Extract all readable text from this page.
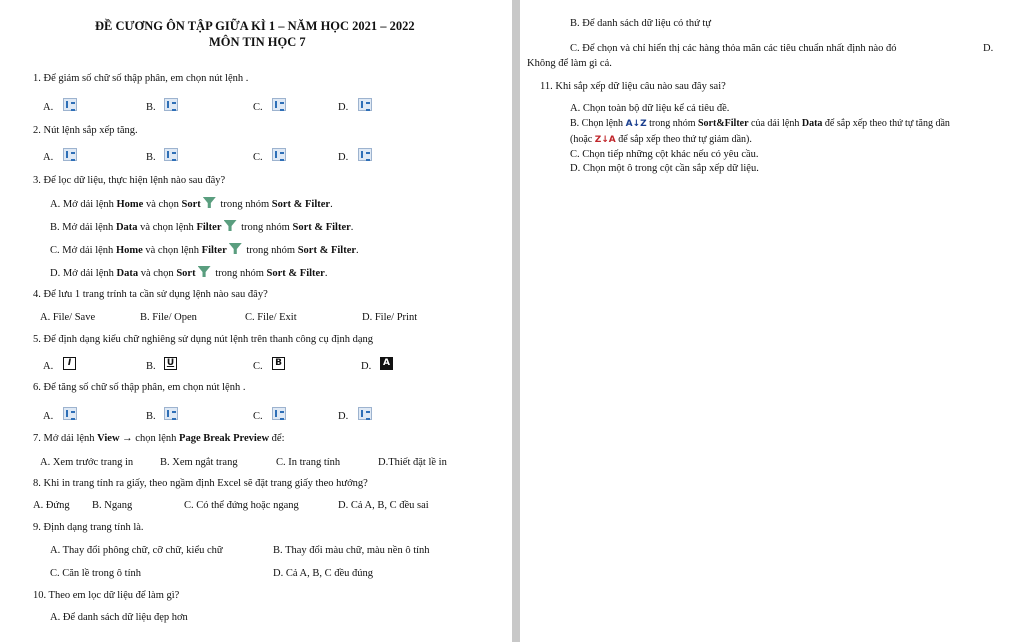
ĐỀ CƯƠNG ÔN TẬP GIỮA KÌ 1 – NĂM HỌC 2021 – 2022
MÔN TIN HỌC 7
1. Để giảm số chữ số thập phân, em chọn nút lệnh .
A.	B.	C.	D.
2. Nút lệnh sắp xếp tăng.
A.	B.	C.	D.
3. Để lọc dữ liệu, thực hiện lệnh nào sau đây?
A. Mở dải lệnh Home và chọn Sort trong nhóm Sort & Filter.
B. Mở dải lệnh Data và chọn lệnh Filter trong nhóm Sort & Filter.
C. Mở dải lệnh Home và chọn lệnh Filter trong nhóm Sort & Filter.
D. Mở dải lệnh Data và chọn Sort trong nhóm Sort & Filter.
4. Để lưu 1 trang trính ta cần sử dụng lệnh nào sau đây?
A. File/ Save	B. File/ Open	C. File/ Exit	D. File/ Print
5. Để định dạng kiểu chữ nghiêng sử dụng nút lệnh trên thanh công cụ định dạng
A.	I	B.	U	C.	B	D.	A
6. Để tăng số chữ số thập phân, em chọn nút lệnh .
A.	B.	C.	D.
7. Mở dải lệnh View → chọn lệnh Page Break Preview để:
A. Xem trước trang in	B. Xem ngắt trang	C. In trang tính	D.Thiết đặt lề in
8. Khi in trang tính ra giấy, theo ngầm định Excel sẽ đặt trang giấy theo hướng?
A. Đứng B. Ngang	C. Có thể đứng hoặc ngang	D. Cả A, B, C đều sai
9. Định dạng trang tính là.
A. Thay đổi phông chữ, cỡ chữ, kiểu chữ	B. Thay đổi màu chữ, màu nền ô tính
C. Căn lề trong ô tính	D. Cả A, B, C đều đúng
10. Theo em lọc dữ liệu để làm gì?
A. Để danh sách dữ liệu đẹp hơn
B. Để danh sách dữ liệu có thứ tự
C. Để chọn và chỉ hiển thị các hàng thỏa mãn các tiêu chuẩn nhất định nào đó	D.
Không để làm gì cả.
11. Khi sắp xếp dữ liệu câu nào sau đây sai?
A. Chọn toàn bộ dữ liệu kể cả tiêu đề.
B. Chọn lệnh A↓Z trong nhóm Sort&Filter của dải lệnh Data để sắp xếp theo thứ tự tăng dần
(hoặc Z↓A để sắp xếp theo thứ tự giảm dần).
C. Chọn tiếp những cột khác nếu có yêu cầu.
D. Chọn một ô trong cột cần sắp xếp dữ liệu.
